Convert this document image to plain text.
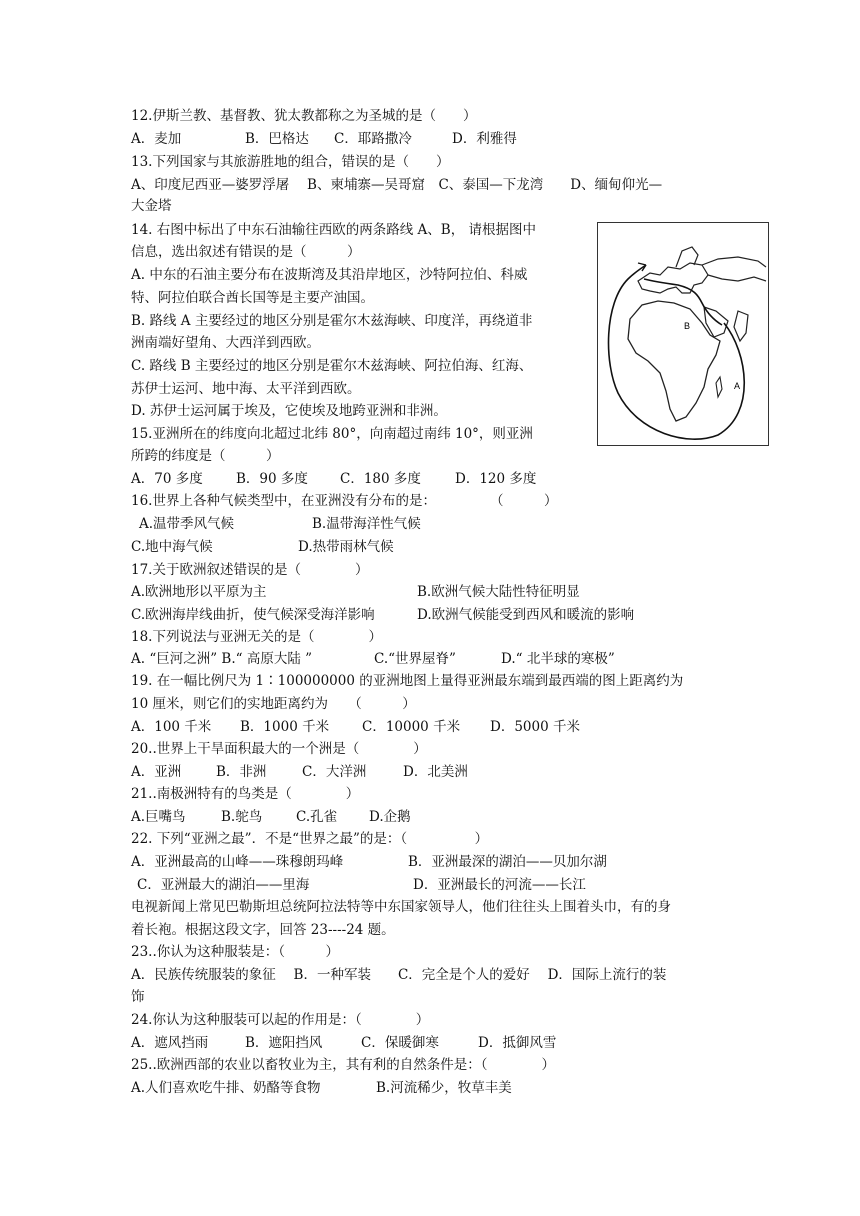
12.伊斯兰教、基督教、犹太教都称之为圣城的是（　　）
A．麦加	B．巴格达 C．耶路撒冷	D．利雅得
13.下列国家与其旅游胜地的组合，错误的是（　　）
A、印度尼西亚—婆罗浮屠　 B、柬埔寨—吴哥窟　C、泰国—下龙湾　　D、缅甸仰光—
大金塔
14. 右图中标出了中东石油输往西欧的两条路线 A、B， 请根据图中
信息，选出叙述有错误的是（　　　）
A. 中东的石油主要分布在波斯湾及其沿岸地区，沙特阿拉伯、科威
特、阿拉伯联合酋长国等是主要产油国。
B. 路线 A 主要经过的地区分别是霍尔木兹海峡、印度洋，再绕道非
洲南端好望角、大西洋到西欧。
C. 路线 B 主要经过的地区分别是霍尔木兹海峡、阿拉伯海、红海、
苏伊士运河、地中海、太平洋到西欧。
D. 苏伊士运河属于埃及，它使埃及地跨亚洲和非洲。
B
A
15.亚洲所在的纬度向北超过北纬 80°，向南超过南纬 10°，则亚洲
所跨的纬度是（　　　）
A．70 多度 B．90 多度 C．180 多度	D．120 多度
16.世界上各种气候类型中，在亚洲没有分布的是：　　　　　（　　　）
A.温带季风气候	B.温带海洋性气候
C.地中海气候	D.热带雨林气候
17.关于欧洲叙述错误的是（　　　　）
A.欧洲地形以平原为主	B.欧洲气候大陆性特征明显
C.欧洲海岸线曲折，使气候深受海洋影响	D.欧洲气候能受到西风和暖流的影响
18.下列说法与亚洲无关的是（　　　　）
A. “巨河之洲” B.“ 高原大陆 ”	C.“世界屋脊”	D.“ 北半球的寒极”
19. 在一幅比例尺为 1∶100000000 的亚洲地图上量得亚洲最东端到最西端的图上距离约为
10 厘米，则它们的实地距离约为　　（　　　）
A．100 千米 B．1000 千米 C．10000 千米 D．5000 千米
20..世界上干旱面积最大的一个洲是（　　　　）
A．亚洲	B．非洲	C．大洋洲	D．北美洲
21..南极洲特有的鸟类是（　　　　）
A.巨嘴鸟	B.鸵鸟	C.孔雀 D.企鹅
22. 下列“亚洲之最”．不是“世界之最”的是：（　　　　　）
A．亚洲最高的山峰——珠穆朗玛峰	B．亚洲最深的湖泊——贝加尔湖
C．亚洲最大的湖泊——里海	D．亚洲最长的河流——长江
电视新闻上常见巴勒斯坦总统阿拉法特等中东国家领导人，他们往往头上围着头巾，有的身
着长袍。根据这段文字，回答 23----24 题。
23..你认为这种服装是：（　　　）
A．民族传统服装的象征　 B．一种军装　　C．完全是个人的爱好　 D．国际上流行的装
饰
24.你认为这种服装可以起的作用是：（　　　　）
A．遮风挡雨	B．遮阳挡风	C．保暖御寒	D．抵御风雪
25..欧洲西部的农业以畜牧业为主，其有利的自然条件是：（　　　　）
A.人们喜欢吃牛排、奶酪等食物	B.河流稀少，牧草丰美
